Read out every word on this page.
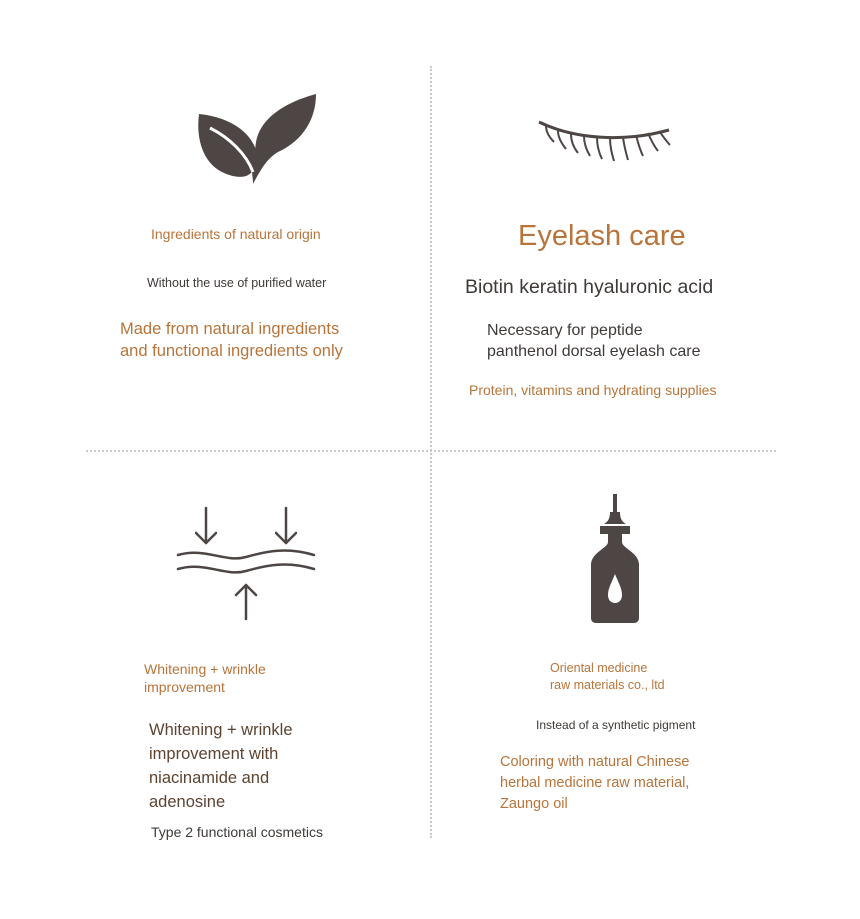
Ingredients of natural origin
Without the use of purified water
Made from natural ingredients
and functional ingredients only
Eyelash care
Biotin keratin hyaluronic acid
Necessary for peptide
panthenol dorsal eyelash care
Protein, vitamins and hydrating supplies
Whitening + wrinkle
improvement
Whitening + wrinkle
improvement with
niacinamide and
adenosine
Type 2 functional cosmetics
Oriental medicine
raw materials co., ltd
Instead of a synthetic pigment
Coloring with natural Chinese
herbal medicine raw material,
Zaungo oil
